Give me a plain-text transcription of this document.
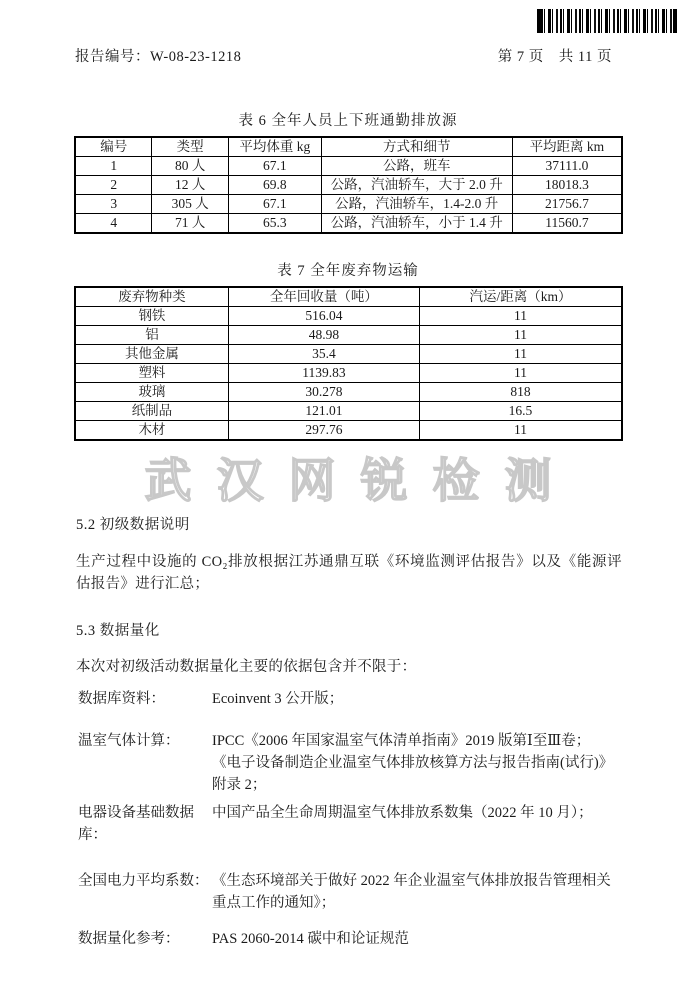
报告编号：W-08-23-1218	第 7 页　共 11 页
表 6 全年人员上下班通勤排放源
编号	类型	平均体重 kg	方式和细节	平均距离 km
1	80 人	67.1	公路，班车	37111.0
2	12 人	69.8	公路，汽油轿车，大于 2.0 升	18018.3
3	305 人	67.1	公路，汽油轿车，1.4-2.0 升	21756.7
4	71 人	65.3	公路，汽油轿车，小于 1.4 升	11560.7
表 7 全年废弃物运输
废弃物种类	全年回收量（吨）	汽运/距离（km）
钢铁	516.04	11
铝	48.98	11
其他金属	35.4	11
塑料	1139.83	11
玻璃	30.278	818
纸制品	121.01	16.5
木材	297.76	11
武汉网锐检测
5.2 初级数据说明

生产过程中设施的 CO₂排放根据江苏通鼎互联《环境监测评估报告》以及《能源评估报告》进行汇总；

5.3 数据量化

本次对初级活动数据量化主要的依据包含并不限于：

数据库资料：	Ecoinvent 3 公开版；
温室气体计算：	IPCC《2006 年国家温室气体清单指南》2019 版第Ⅰ至Ⅲ卷；
《电子设备制造企业温室气体排放核算方法与报告指南(试行)》
附录 2；
电器设备基础数据库：
中国产品全生命周期温室气体排放系数集（2022 年 10 月）；
全国电力平均系数： 《生态环境部关于做好 2022 年企业温室气体排放报告管理相关
重点工作的通知》；
数据量化参考：	PAS 2060-2014 碳中和论证规范
